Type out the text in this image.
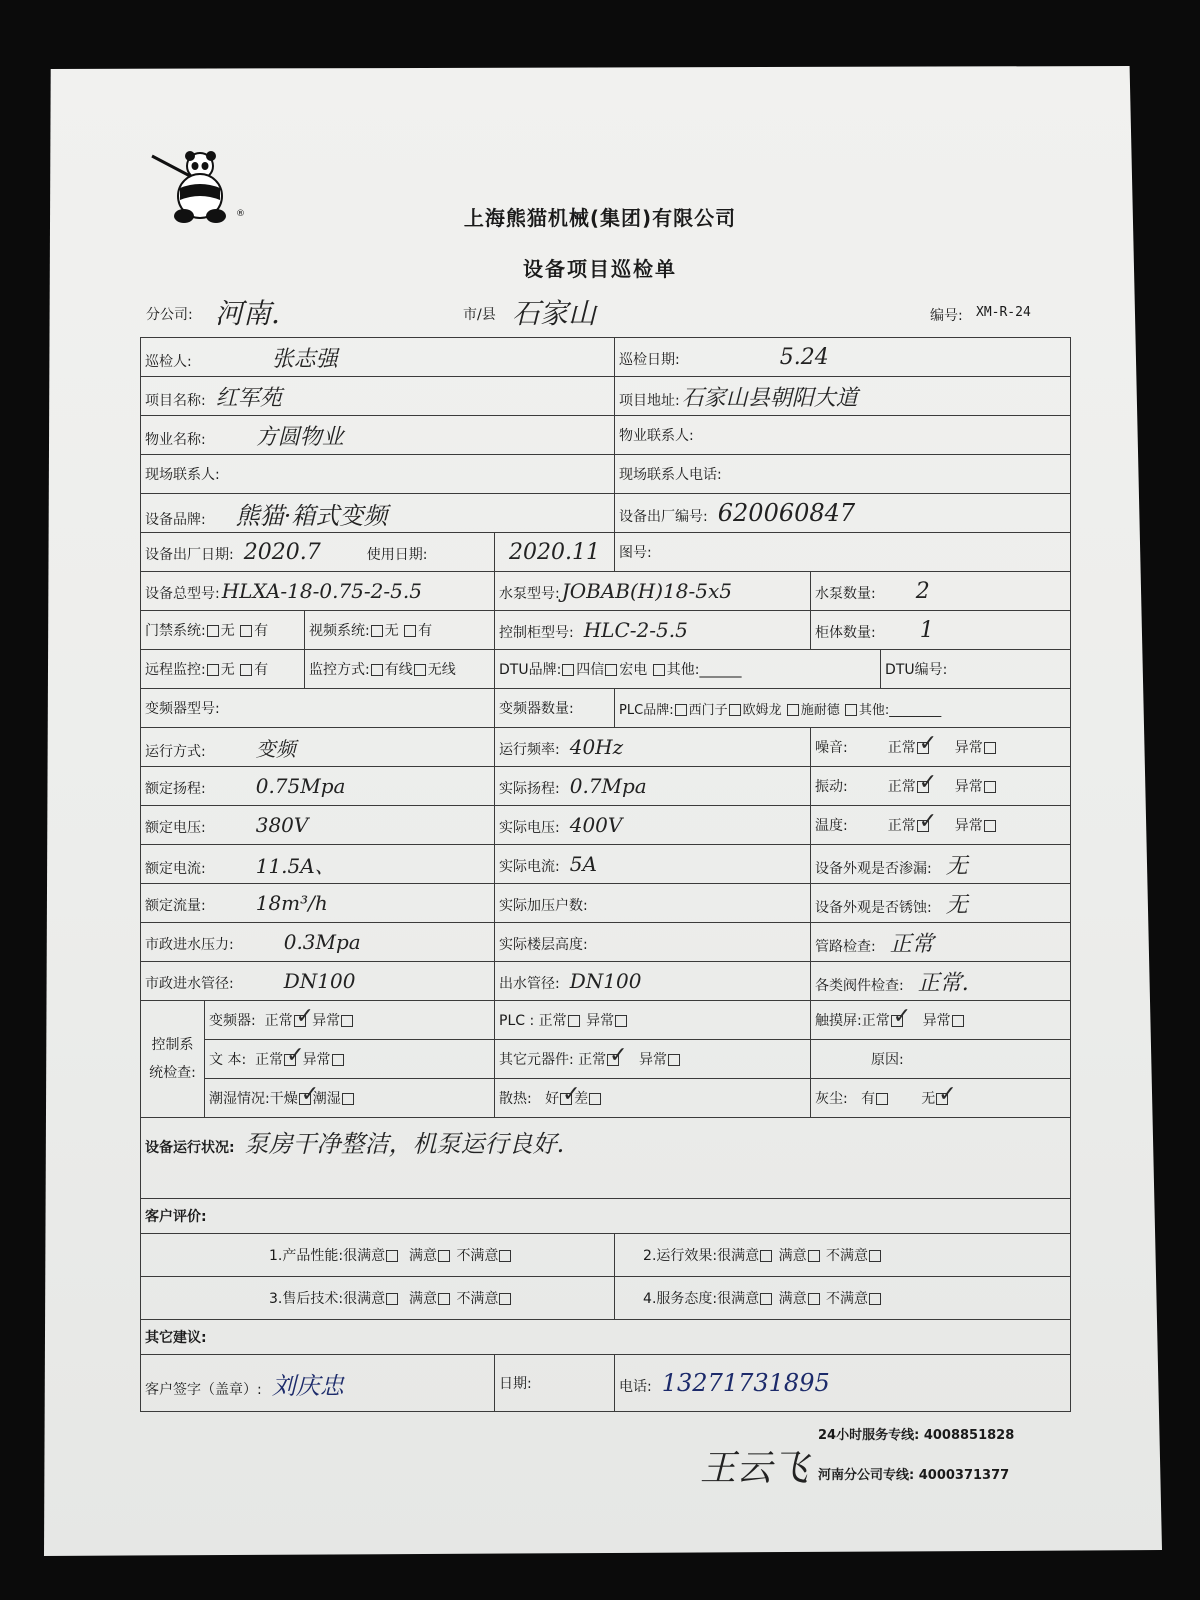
®	上海熊猫机械(集团)有限公司
设备项目巡检单
分公司: 河南.	市/县 石家山	编号: XM-R-24
巡检人: 张志强				巡检日期: 5.24		
项目名称: 红军苑				项目地址:石家山县朝阳大道		
物业名称: 方圆物业				物业联系人:		
现场联系人:				现场联系人电话:		
设备品牌: 熊猫·箱式变频				设备出厂编号: 620060847		
设备出厂日期: 2020.7 使用日期:			2020.11	图号:		
设备总型号: HLXA-18-0.75-2-5.5			水泵型号: JOBAB(H)18-5x5		水泵数量: 2	
门禁系统: 无 有		视频系统: 无 有	控制柜型号: HLC-2-5.5		柜体数量: 1	
远程监控: 无 有		监控方式: 有线 无线	DTU品牌: 四信 宏电 其他:______			DTU编号:
变频器型号:			变频器数量:	PLC品牌: 西门子 欧姆龙 施耐德 其他:________		
运行方式: 变频			运行频率: 40Hz		噪音: 正常 ✓ 异常
额定扬程: 0.75Mpa			实际扬程: 0.7Mpa		振动: 正常 ✓ 异常
额定电压: 380V			实际电压: 400V		温度: 正常 ✓ 异常
额定电流: 11.5A、			实际电流: 5A		设备外观是否渗漏: 无	
额定流量: 18m³/h			实际加压户数:		设备外观是否锈蚀: 无	
市政进水压力: 0.3Mpa			实际楼层高度:		管路检查: 正常	
市政进水管径: DN100			出水管径: DN100		各类阀件检查: 正常.	
控制系
统检查:	变频器: 正常 ✓ 异常		PLC : 正常 异常		触摸屏:正常 ✓ 异常
	文 本: 正常 ✓ 异常		其它元器件: 正常 ✓ 异常		原因:	
	潮湿情况:干燥 ✓ 潮湿		散热: 好 ✓ 差		灰尘: 有 无✓
设备运行状况: 泵房干净整洁，机泵运行良好.						
客户评价:						
1.产品性能:很满意 满意 不满意				2.运行效果:很满意 满意 不满意		
3.售后技术:很满意 满意 不满意				4.服务态度:很满意 满意 不满意		
其它建议:						
客户签字（盖章）: 刘庆忠			日期:	电话: 13271731895		
24小时服务专线: 4008851828
王云飞 河南分公司专线: 4000371377
